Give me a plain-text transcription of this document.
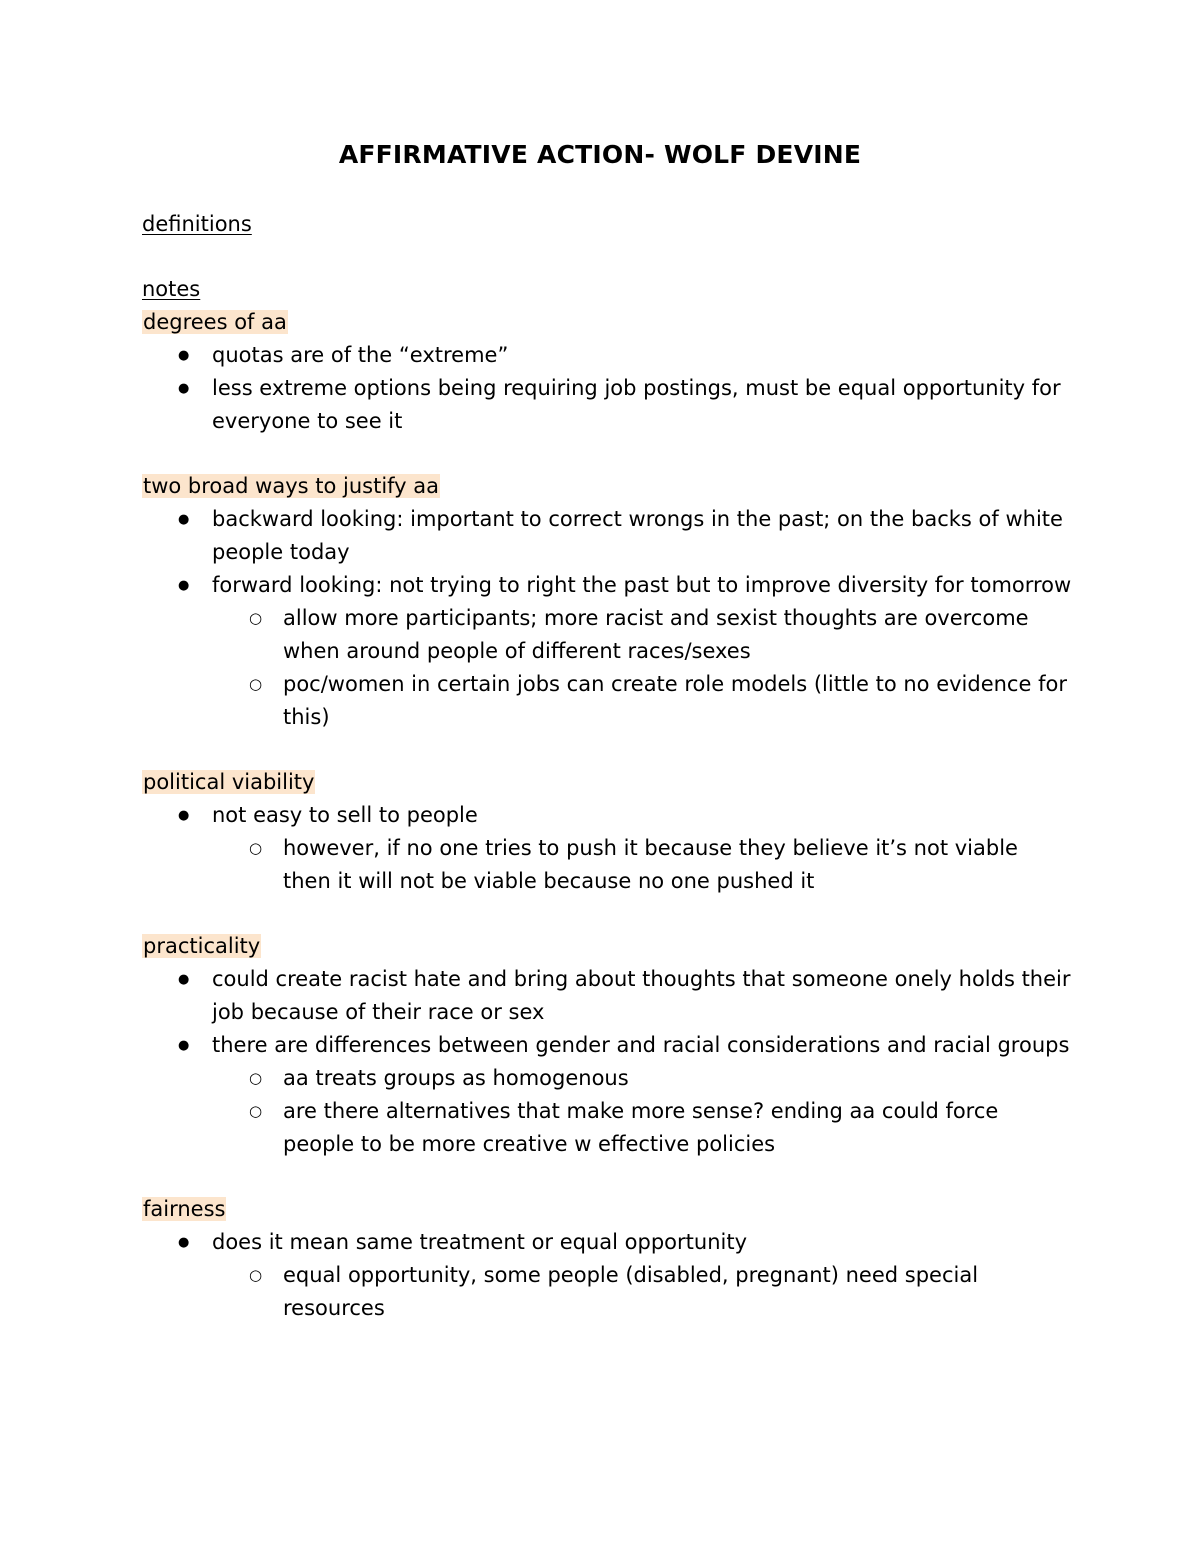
AFFIRMATIVE ACTION- WOLF DEVINE
definitions
notes
degrees of aa
● quotas are of the “extreme”
● less extreme options being requiring job postings, must be equal opportunity for everyone to see it
two broad ways to justify aa
● backward looking: important to correct wrongs in the past; on the backs of white people today
● forward looking: not trying to right the past but to improve diversity for tomorrow
○ allow more participants; more racist and sexist thoughts are overcome when around people of different races/sexes
○ poc/women in certain jobs can create role models (little to no evidence for this)
political viability
● not easy to sell to people
○ however, if no one tries to push it because they believe it’s not viable then it will not be viable because no one pushed it
practicality
● could create racist hate and bring about thoughts that someone onely holds their job because of their race or sex
● there are differences between gender and racial considerations and racial groups
○ aa treats groups as homogenous
○ are there alternatives that make more sense? ending aa could force people to be more creative w effective policies
fairness
● does it mean same treatment or equal opportunity
○ equal opportunity, some people (disabled, pregnant) need special resources
